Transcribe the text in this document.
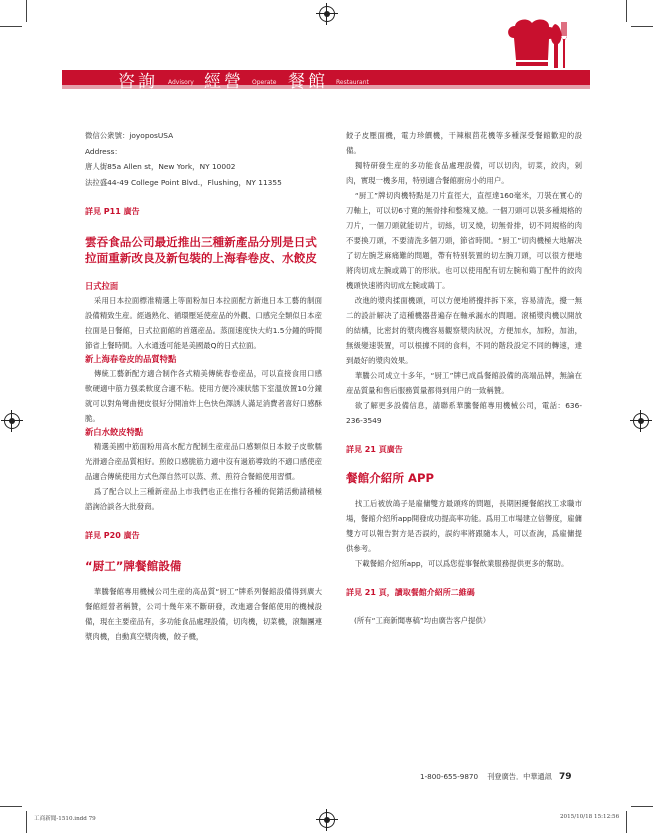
咨詢 Advisory 經營 Operate 餐館 Restaurant

微信公衆號：joyoposUSA

Address：

唐人街85a Allen st，New York，NY 10002

法拉盛44-49 College Point Blvd.，Flushing，NY 11355

詳見 P11 廣告

雲吞食品公司最近推出三種新產品分別是日式拉面重新改良及新包裝的上海春卷皮、水餃皮

日式拉面

采用日本拉面標准精選上等面粉加日本拉面配方新進日本工藝的制面設備精致生産。經過熟化、循環壓延使産品的外觀、口感完全類似日本産拉面是日餐館，日式拉面館的首選産品。蒸面速度快大約1.5分鐘的時間節省上餐時間。入水通透可能是美國最Q的日式拉面。

新上海春卷皮的品質特點

傳統工藝新配方適合制作各式精美傳統春卷産品，可以直接食用口感軟硬適中筋力强柔軟度合適不粘。使用方便冷凍狀態下室溫放置10分鐘就可以對角彎曲便皮很好分開油炸上色快色澤誘人滿足消費者喜好口感酥脆。

新白水餃皮特點

精選美國中筋面粉用高水配方配制生産産品口感類似日本餃子皮軟糯光滑適合産品質相好。煎餃口感脆筋力適中沒有過筋導致的不適口感使産品適合傳統使用方式色澤自然可以蒸、煮、煎符合餐館使用習慣。

爲了配合以上三種新産品上市我們也正在推行各種的促銷活動請積極諮詢洽談各大批發商。

詳見 P20 廣告

“厨工”牌餐館設備

華騰餐館專用機械公司生産的高品質“厨工”牌系列餐館設備得到廣大餐館經營者稱贊，公司十幾年來不斷研發，改進適合餐館使用的機械設備，現在主要産品有，多功能食品處理設備，切肉機，切菜機，滾麵團連漿肉機，自動真空漿肉機，餃子機，

餃子皮壓面機，電力珍饌機，干辣椒茴花機等多種深受餐館歡迎的設備。

獨特研發生産的多功能食品處理設備，可以切肉，切菜，絞肉，剁肉，實現一機多用，特别適合餐館廚房小的用户。

“厨工”牌切肉機特點是刀片直徑大，直徑達160毫米，刀裝在實心的刀軸上，可以切6寸寬的無骨排和整塊叉燒。一個刀頭可以裝多種規格的刀片，一個刀頭就能切片，切絲，切叉燒，切無骨排，切不同規格的肉不要換刀頭，不要清洗多個刀頭，節省時間。“厨工”切肉機極大地解决了切左腕芝麻痛難的問題，帶有特别裝置的切左腕刀頭，可以很方便地將肉切成左腕或鶏丁的形狀。也可以使用配有切左腕和鶏丁配件的絞肉機頭快速將肉切成左腕或鶏丁。

改進的漿肉揉面機頭，可以方便地將攪拌拆下來，容易清洗，攪一無二的設計解决了這種機器普遍存在軸承漏水的問題。滾桶漿肉機以開放的結構，比密封的漿肉機容易觀察漿肉狀况，方便加水，加粉，加油，無級變速裝置，可以根據不同的食料，不同的階段設定不同的轉速，達到最好的漿肉效果。

華騰公司成立十多年，“厨工”牌已成爲餐館設備的高端品牌，無論在産品質量和售后服務質量都得到用户的一致稱贊。

欲了解更多設備信息，請聯系華騰餐館專用機械公司，電話：636-236-3549

詳見 21 頁廣告

餐館介紹所 APP

找工后被放鴿子是雇傭雙方最頭疼的問題，長期困擾餐館找工求職市場，餐館介紹所app開發成功提高率功能。爲用工市場建立信譽度，雇傭雙方可以報告對方是否誤約，誤約率將跟隨本人，可以查詢，爲雇傭提供參考。

下載餐館介紹所app，可以爲您從事餐飲業服務提供更多的幫助。

詳見 21 頁，讀取餐館介紹所二維碼

(所有“工商新聞專稿”均由廣告客户提供）

1-800-655-9870 刊登廣告．中華通訊 79
工商新聞-1510.indd 79	2015/10/18 15:12:56
